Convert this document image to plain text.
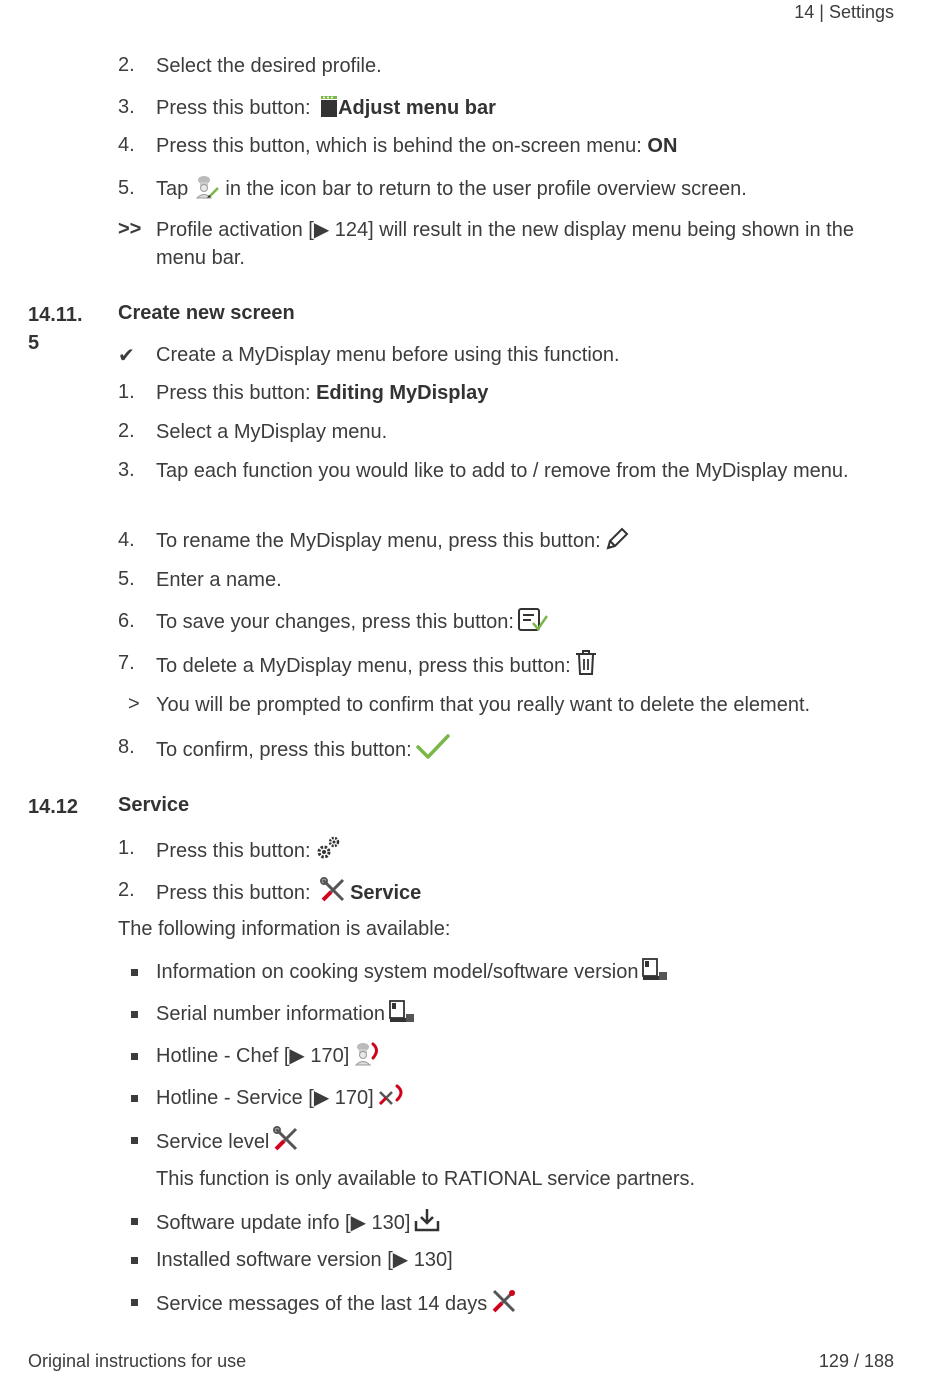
14 | Settings
2. Select the desired profile.
3. Press this button: Adjust menu bar
4. Press this button, which is behind the on-screen menu: ON
5. Tap  in the icon bar to return to the user profile overview screen.
>> Profile activation [▶ 124] will result in the new display menu being shown in the menu bar.
14.11.
5
Create new screen
✔ Create a MyDisplay menu before using this function.
1. Press this button: Editing MyDisplay
2. Select a MyDisplay menu.
3. Tap each function you would like to add to / remove from the MyDisplay menu.
4. To rename the MyDisplay menu, press this button:
5. Enter a name.
6. To save your changes, press this button:
7. To delete a MyDisplay menu, press this button:
> You will be prompted to confirm that you really want to delete the element.
8. To confirm, press this button:
14.12 Service
1. Press this button:
2. Press this button: Service
The following information is available:
Information on cooking system model/software version
Serial number information
Hotline - Chef [▶ 170]
Hotline - Service [▶ 170]
Service level
This function is only available to RATIONAL service partners.
Software update info [▶ 130]
Installed software version [▶ 130]
Service messages of the last 14 days
Original instructions for use	129 / 188
